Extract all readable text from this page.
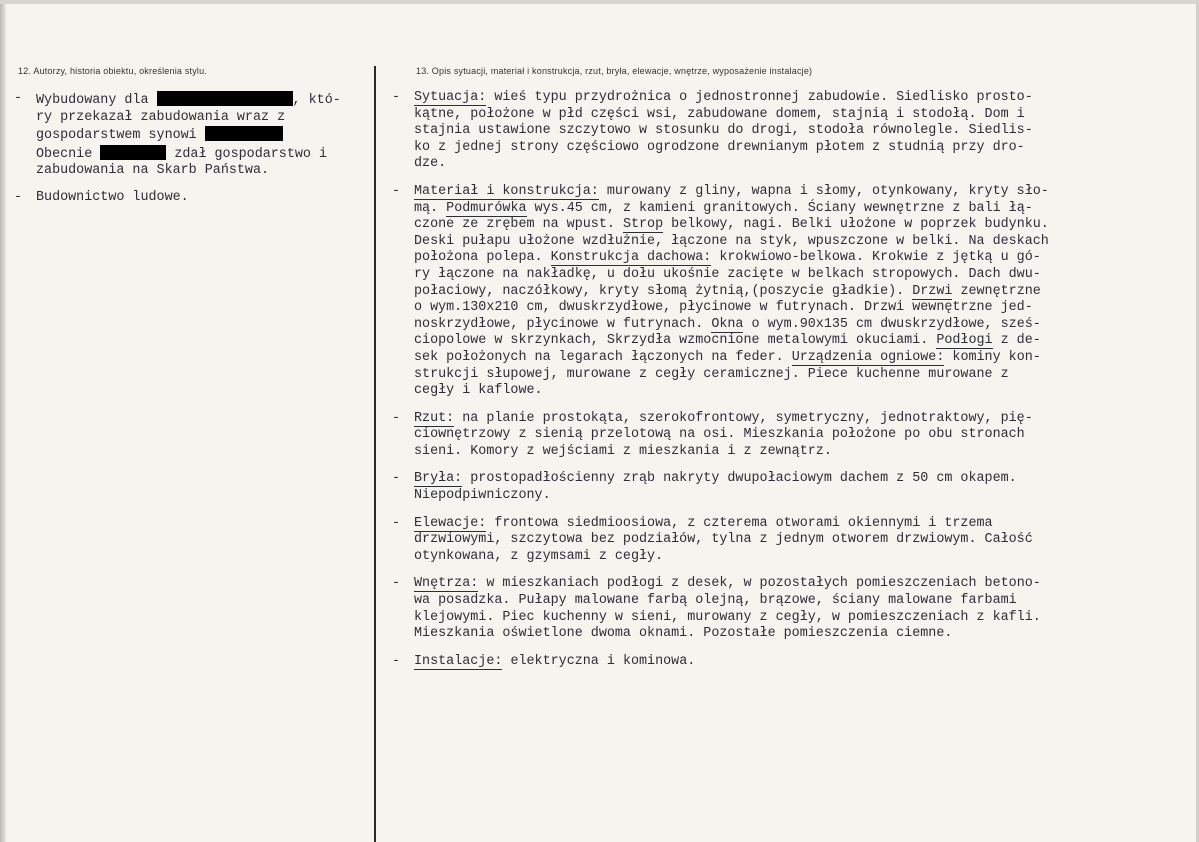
12. Autorzy, historia obiektu, określenia stylu.	13. Opis sytuacji, materiał i konstrukcja, rzut, bryła, elewacje, wnętrze, wyposażenie instalacje)
-	Wybudowany dla	, któ-
ry przekazał zabudowania wraz z
gospodarstwem synowi
Obecnie	zdał gospodarstwo i
zabudowania na Skarb Państwa.
-	Budownictwo ludowe.
-	Sytuacja: wieś typu przydrożnica o jednostronnej zabudowie. Siedlisko prosto-
kątne, położone w płd części wsi, zabudowane domem, stajnią i stodołą. Dom i
stajnia ustawione szczytowo w stosunku do drogi, stodoła równolegle. Siedlis-
ko z jednej strony częściowo ogrodzone drewnianym płotem z studnią przy dro-
dze.
-	Materiał i konstrukcja: murowany z gliny, wapna i słomy, otynkowany, kryty sło-
mą. Podmurówka wys.45 cm, z kamieni granitowych. Ściany wewnętrzne z bali łą-
czone ze zrębem na wpust. Strop belkowy, nagi. Belki ułożone w poprzek budynku.
Deski pułapu ułożone wzdłużnie, łączone na styk, wpuszczone w belki. Na deskach
położona polepa. Konstrukcja dachowa: krokwiowo-belkowa. Krokwie z jętką u gó-
ry łączone na nakładkę, u dołu ukośnie zacięte w belkach stropowych. Dach dwu-
połaciowy, naczółkowy, kryty słomą żytnią,(poszycie gładkie). Drzwi zewnętrzne
o wym.130x210 cm, dwuskrzydłowe, płycinowe w futrynach. Drzwi wewnętrzne jed-
noskrzydłowe, płycinowe w futrynach. Okna o wym.90x135 cm dwuskrzydłowe, sześ-
ciopolowe w skrzynkach, Skrzydła wzmocnione metalowymi okuciami. Podłogi z de-
sek położonych na legarach łączonych na feder. Urządzenia ogniowe: kominy kon-
strukcji słupowej, murowane z cegły ceramicznej. Piece kuchenne murowane z
cegły i kaflowe.
-	Rzut: na planie prostokąta, szerokofrontowy, symetryczny, jednotraktowy, pię-
ciownętrzowy z sienią przelotową na osi. Mieszkania położone po obu stronach
sieni. Komory z wejściami z mieszkania i z zewnątrz.
-	Bryła: prostopadłościenny zrąb nakryty dwupołaciowym dachem z 50 cm okapem.
Niepodpiwniczony.
-	Elewacje: frontowa siedmioosiowa, z czterema otworami okiennymi i trzema
drzwiowymi, szczytowa bez podziałów, tylna z jednym otworem drzwiowym. Całość
otynkowana, z gzymsami z cegły.
-	Wnętrza: w mieszkaniach podłogi z desek, w pozostałych pomieszczeniach betono-
wa posadzka. Pułapy malowane farbą olejną, brązowe, ściany malowane farbami
klejowymi. Piec kuchenny w sieni, murowany z cegły, w pomieszczeniach z kafli.
Mieszkania oświetlone dwoma oknami. Pozostałe pomieszczenia ciemne.
-	Instalacje: elektryczna i kominowa.
